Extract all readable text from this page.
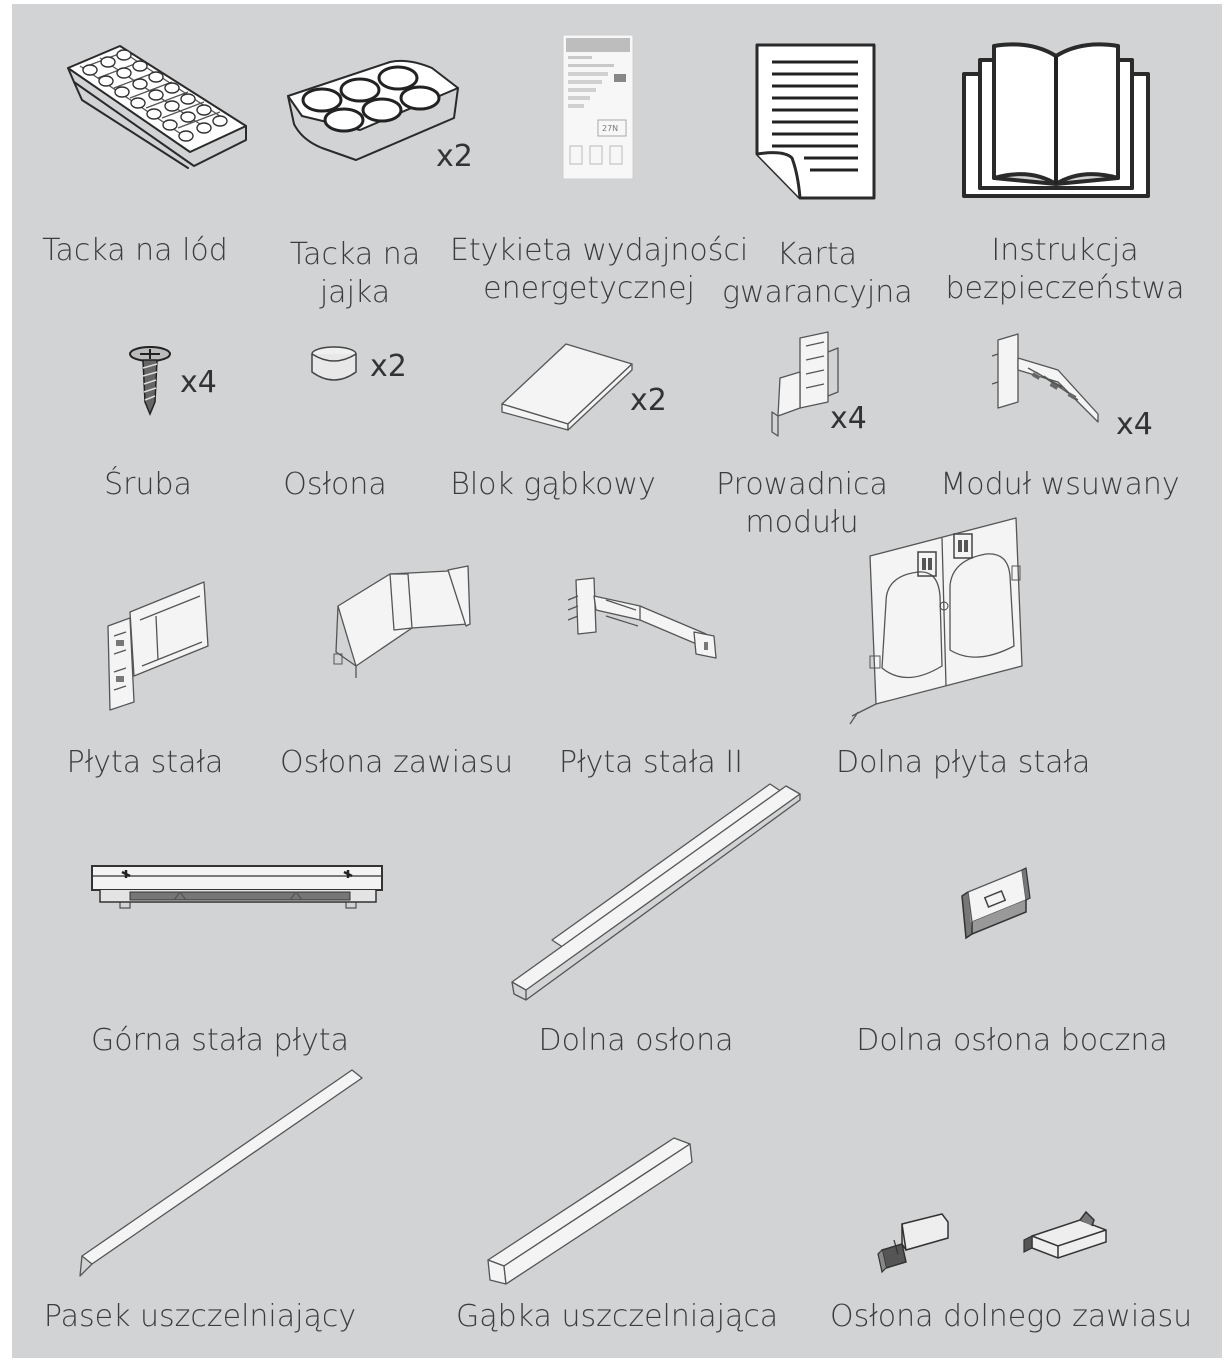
x2
27N
Tacka na lód	Tacka na
jajka
Etykieta wydajności
energetycznej
Karta
gwarancyjna
Instrukcja
bezpieczeństwa
x4	x2
x2
x4	x4
Śruba	Osłona	Blok gąbkowy Prowadnica
modułu
Moduł wsuwany
Płyta stała Osłona zawiasu Płyta stała II	Dolna płyta stała
Górna stała płyta	Dolna osłona	Dolna osłona boczna
Pasek uszczelniający	Gąbka uszczelniająca Osłona dolnego zawiasu
